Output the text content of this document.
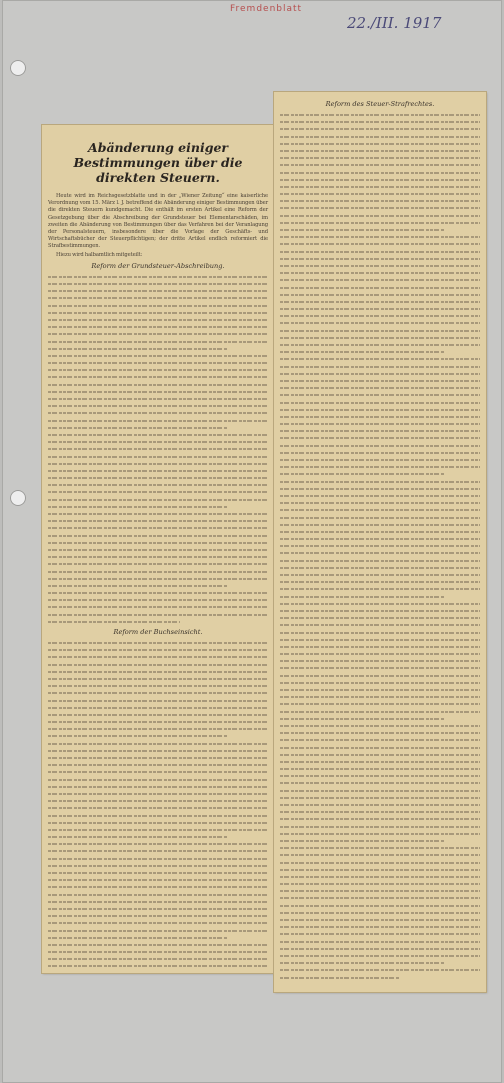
Fremdenblatt
22./III. 1917
Abänderung einiger Bestimmungen über die direkten Steuern.

Heute wird im Reichsgesetzblatte und in der „Wiener Zeitung“ eine kaiserliche Verordnung vom 15. März l. J. betreffend die Abänderung einiger Bestimmungen über die direkten Steuern kundgemacht. Die enthält im ersten Artikel eine Reform der Gesetzgebung über die Abschreibung der Grundsteuer bei Elementarschäden, im zweiten die Abänderung von Bestimmungen über das Verfahren bei der Veranlagung der Personalsteuern, insbesondere über die Vorlage der Geschäfts- und Wirtschaftsbücher der Steuerpflichtigen; der dritte Artikel endlich reformiert die Strafbestimmungen.

Hiezu wird halbamtlich mitgeteilt:

Reform der Grundsteuer-Abschreibung.
Reform der Buchseinsicht.
Reform des Steuer-Strafrechtes.
